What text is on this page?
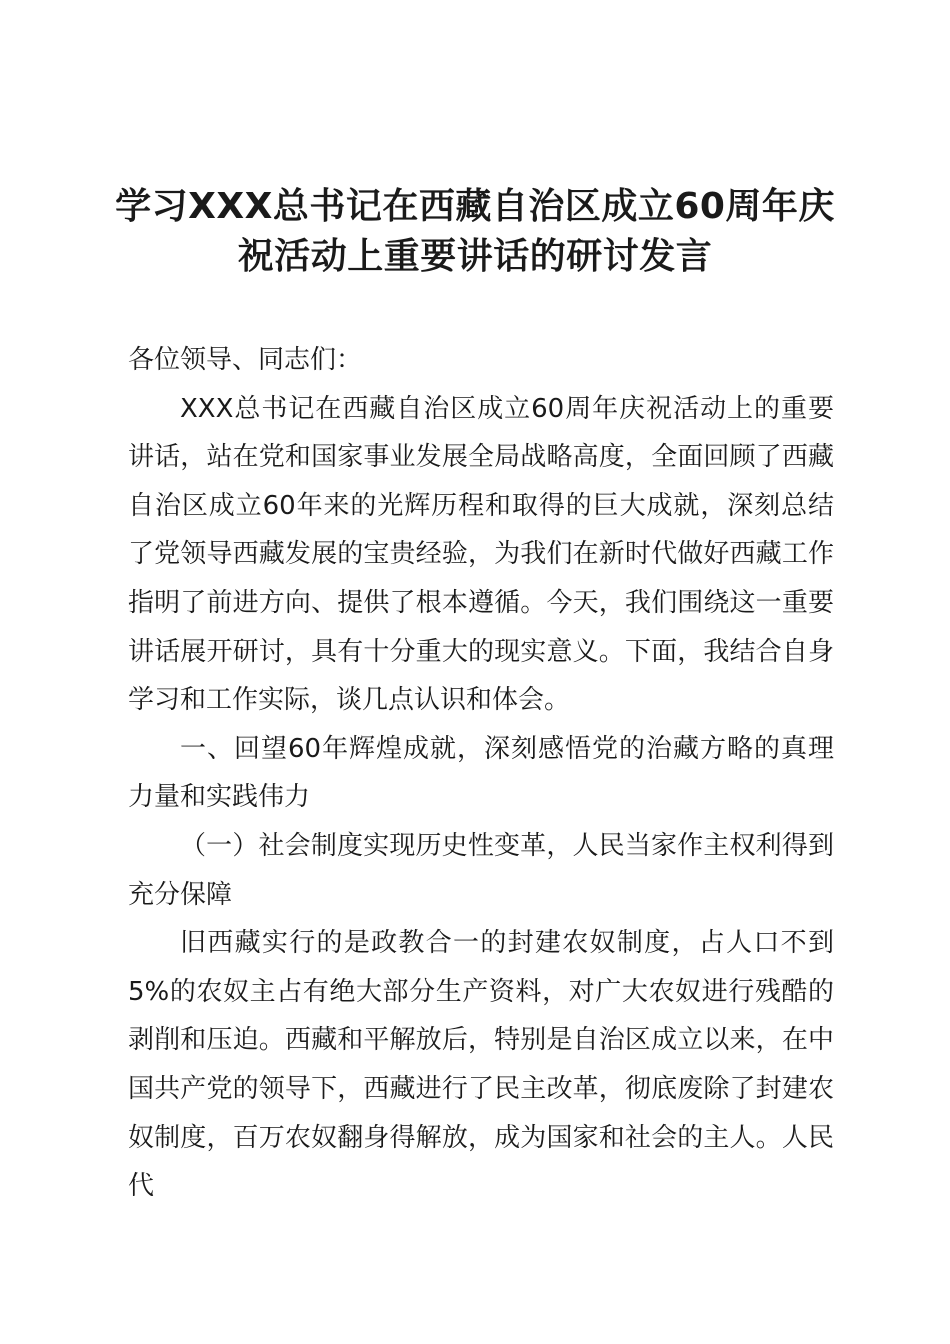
学习XXX总书记在西藏自治区成立60周年庆
祝活动上重要讲话的研讨发言

各位领导、同志们：

XXX总书记在西藏自治区成立60周年庆祝活动上的重要讲话，站在党和国家事业发展全局战略高度，全面回顾了西藏自治区成立60年来的光辉历程和取得的巨大成就，深刻总结了党领导西藏发展的宝贵经验，为我们在新时代做好西藏工作指明了前进方向、提供了根本遵循。今天，我们围绕这一重要讲话展开研讨，具有十分重大的现实意义。下面，我结合自身学习和工作实际，谈几点认识和体会。

一、回望60年辉煌成就，深刻感悟党的治藏方略的真理力量和实践伟力

（一）社会制度实现历史性变革，人民当家作主权利得到充分保障

旧西藏实行的是政教合一的封建农奴制度，占人口不到5%的农奴主占有绝大部分生产资料，对广大农奴进行残酷的剥削和压迫。西藏和平解放后，特别是自治区成立以来，在中国共产党的领导下，西藏进行了民主改革，彻底废除了封建农奴制度，百万农奴翻身得解放，成为国家和社会的主人。人民代
